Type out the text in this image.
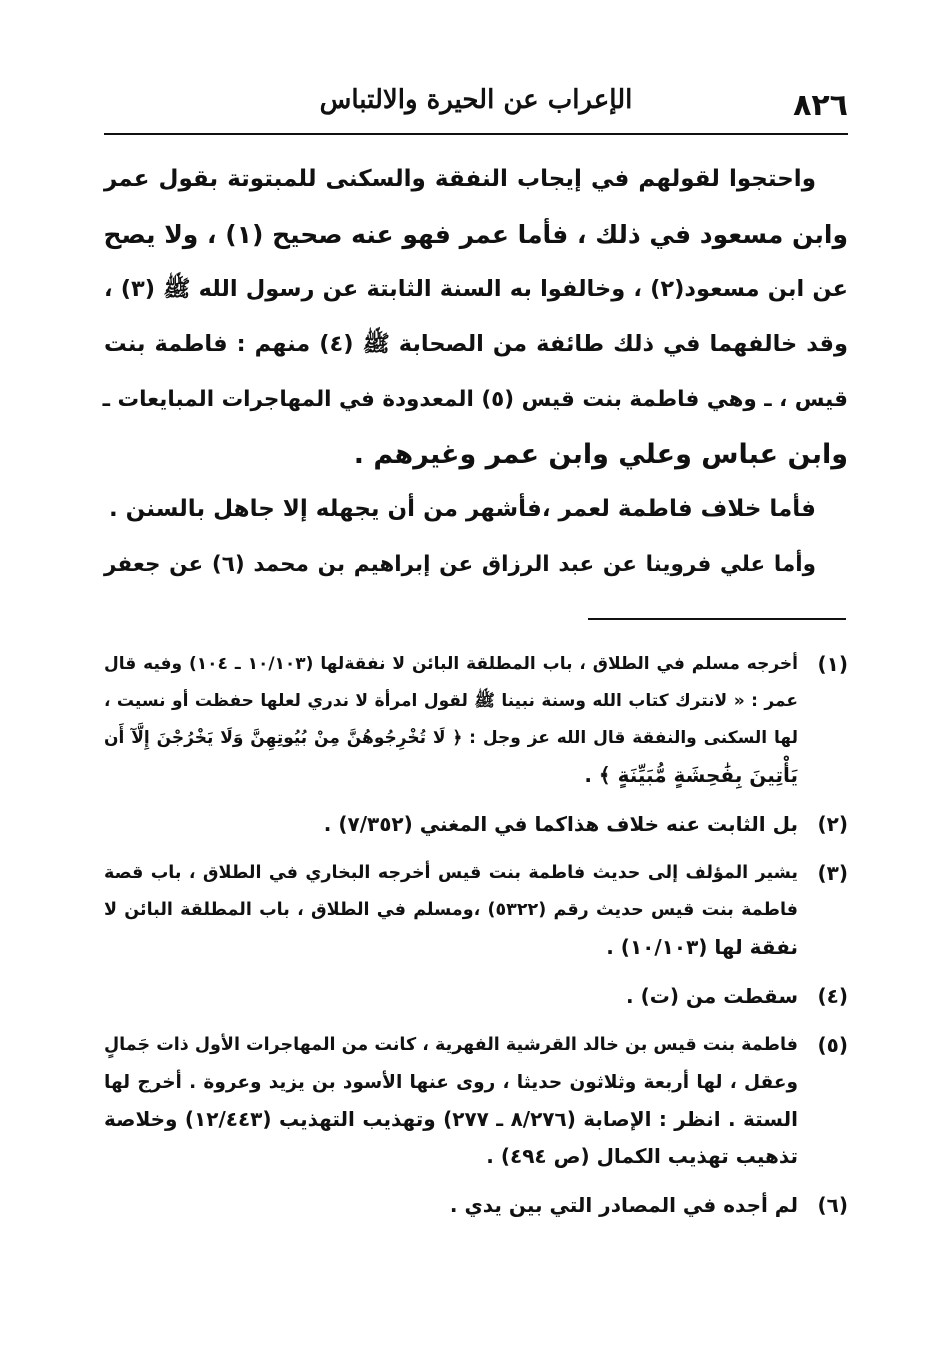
٨٢٦
الإعراب عن الحيرة والالتباس
واحتجوا لقولهم في إيجاب النفقة والسكنى للمبتوتة بقول عمر
وابن مسعود في ذلك ، فأما عمر فهو عنه صحيح (١) ، ولا يصح
عن ابن مسعود(٢) ، وخالفوا به السنة الثابتة عن رسول الله ﷺ (٣) ،
وقد خالفهما في ذلك طائفة من الصحابة ﷺ (٤) منهم : فاطمة بنت
قيس ، ـ وهي فاطمة بنت قيس (٥) المعدودة في المهاجرات المبايعات ـ
وابن عباس وعلي وابن عمر وغيرهم .
فأما خلاف فاطمة لعمر ،فأشهر من أن يجهله إلا جاهل بالسنن .
وأما علي فروينا عن عبد الرزاق عن إبراهيم بن محمد (٦) عن جعفر
(١)
أخرجه مسلم في الطلاق ، باب المطلقة البائن لا نفقةلها (١٠/١٠٣ ـ ١٠٤) وفيه قال
عمر : « لانترك كتاب الله وسنة نبينا ﷺ لقول امرأة لا ندري لعلها حفظت أو نسيت ،
لها السكنى والنفقة قال الله عز وجل : ﴿ لَا تُخْرِجُوهُنَّ مِنْ بُيُوتِهِنَّ وَلَا يَخْرُجْنَ إِلَّآ أَن
يَأْتِينَ بِفَٰحِشَةٍ مُّبَيِّنَةٍ ﴾ .
(٢)
بل الثابت عنه خلاف هذاكما في المغني (٧/٣٥٢) .
(٣)
يشير المؤلف إلى حديث فاطمة بنت قيس أخرجه البخاري في الطلاق ، باب قصة
فاطمة بنت قيس حديث رقم (٥٣٢٢) ،ومسلم في الطلاق ، باب المطلقة البائن لا
نفقة لها (١٠/١٠٣) .
(٤)
سقطت من (ت) .
(٥)
فاطمة بنت قيس بن خالد القرشية الفهرية ، كانت من المهاجرات الأول ذات جَمالٍ
وعقل ، لها أربعة وثلاثون حديثا ، روى عنها الأسود بن يزيد وعروة . أخرج لها
الستة . انظر : الإصابة (٨/٢٧٦ ـ ٢٧٧) وتهذيب التهذيب (١٢/٤٤٣) وخلاصة
تذهيب تهذيب الكمال (ص ٤٩٤) .
(٦)
لم أجده في المصادر التي بين يدي .
